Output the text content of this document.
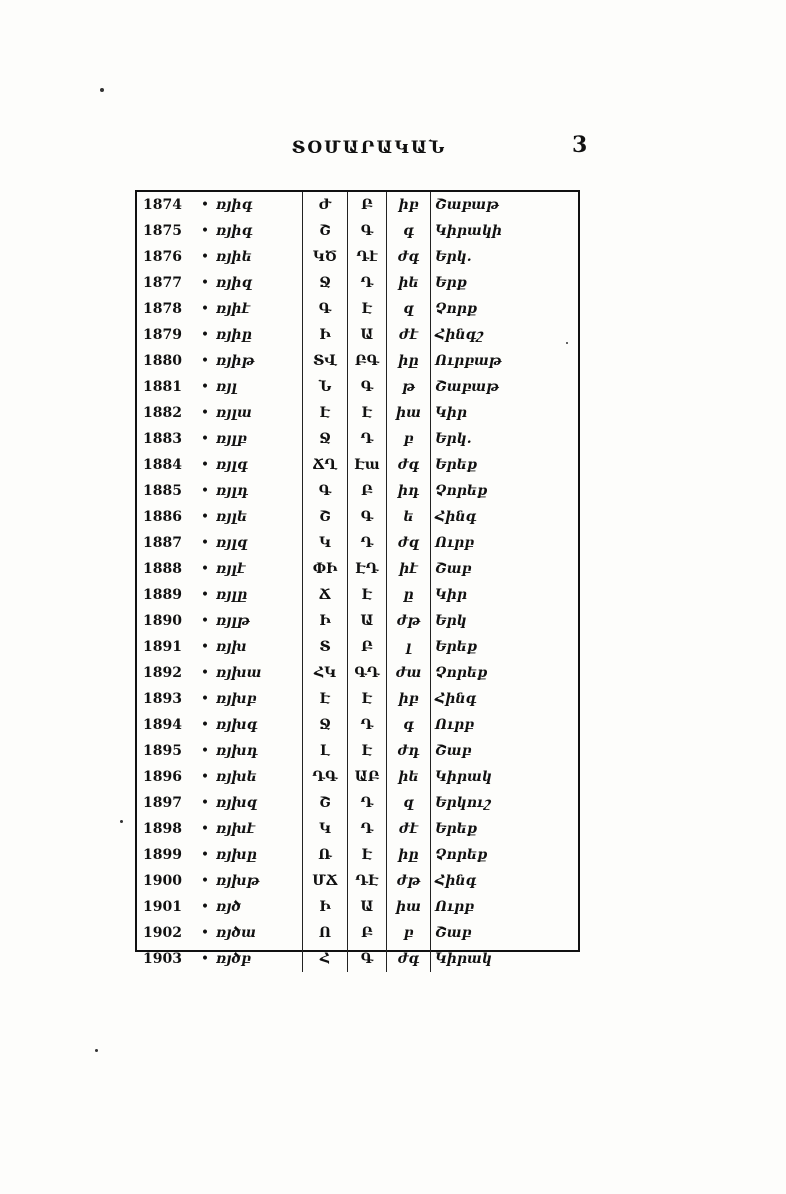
ՏՕՄԱՐԱԿԱՆ	3
1874	•	ռյիգ	Ժ	Բ	իբ	Շաբաթ
1875	•	ռյիգ	Շ	Գ	գ	Կիրակի
1876	•	ռյիե	ԿԾ	Դէ	ժգ	Երկ.
1877	•	ռյիզ	Ջ	Դ	իե	Երք
1878	•	ռյիէ	Գ	Է	զ	Չորք
1879	•	ռյիը	Ի	Ա	ժէ	Հինգշ
1880	•	ռյիթ	ՏՎ	ԲԳ	իը	Ուրբաթ
1881	•	ռյլ	Ն	Գ	թ	Շաբաթ
1882	•	ռյլա	Է	Է	իա	Կիր
1883	•	ռյլբ	Ջ	Դ	բ	Երկ.
1884	•	ռյլգ	ՃՂ	Էա	ժգ	Երեք
1885	•	ռյլդ	Գ	Բ	իդ	Չորեք
1886	•	ռյլե	Շ	Գ	ե	Հինգ
1887	•	ռյլզ	Կ	Դ	ժզ	Ուրբ
1888	•	ռյլէ	ՓԻ	ԷԴ	իէ	Շաբ
1889	•	ռյլը	Ճ	Է	ը	Կիր
1890	•	ռյլթ	Ի	Ա	ժթ	Երկ
1891	•	ռյխ	Տ	Բ	լ	Երեք
1892	•	ռյխա	ՀԿ	ԳԴ	ժա	Չորեք
1893	•	ռյխբ	Է	Է	իբ	Հինգ
1894	•	ռյխգ	Ջ	Դ	գ	Ուրբ
1895	•	ռյխդ	Լ	Է	ժդ	Շաբ
1896	•	ռյխե	ԴԳ	ԱԲ	իե	Կիրակ
1897	•	ռյխզ	Շ	Դ	զ	Երկուշ
1898	•	ռյխէ	Կ	Դ	ժէ	Երեք
1899	•	ռյխը	Ռ	Է	իը	Չորեք
1900	•	ռյխթ	ՄՃ	ԴԷ	ժթ	Հինգ
1901	•	ռյծ	Ի	Ա	իա	Ուրբ
1902	•	ռյծա	Ո	Բ	բ	Շաբ
1903	•	ռյծբ	Հ	Գ	ժգ	Կիրակ
